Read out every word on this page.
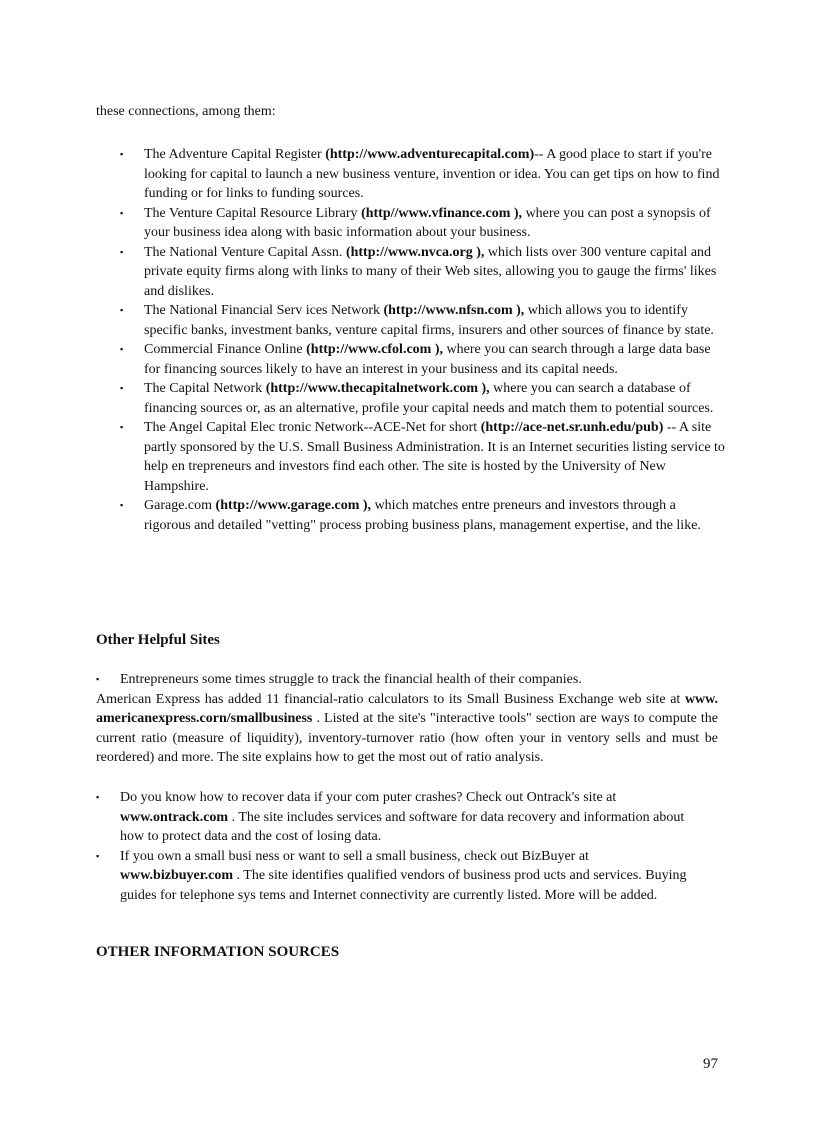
these connections, among them:
▪ The Adventure Capital Register (http://www.adventurecapital.com)-- A good place to start if you're looking for capital to launch a new business venture, invention or idea. You can get tips on how to find funding or for links to funding sources.
▪ The Venture Capital Resource Library (http//www.vfinance.com ), where you can post a synopsis of your business idea along with basic information about your business.
▪ The National Venture Capital Assn. (http://www.nvca.org ), which lists over 300 venture capital and private equity firms along with links to many of their Web sites, allowing you to gauge the firms' likes and dislikes.
▪ The National Financial Serv ices Network (http://www.nfsn.com ), which allows you to identify specific banks, investment banks, venture capital firms, insurers and other sources of finance by state.
▪ Commercial Finance Online (http://www.cfol.com ), where you can search through a large data base for financing sources likely to have an interest in your business and its capital needs.
▪ The Capital Network (http://www.thecapitalnetwork.com ), where you can search a database of financing sources or, as an alternative, profile your capital needs and match them to potential sources.
▪ The Angel Capital Elec tronic Network--ACE-Net for short (http://ace-net.sr.unh.edu/pub) -- A site partly sponsored by the U.S. Small Business Administration. It is an Internet securities listing service to help en trepreneurs and investors find each other. The site is hosted by the University of New Hampshire.
▪ Garage.com (http://www.garage.com ), which matches entre preneurs and investors through a rigorous and detailed "vetting" process probing business plans, management expertise, and the like.
Other Helpful Sites
▪ Entrepreneurs some times struggle to track the financial health of their companies.
American Express has added 11 financial-ratio calculators to its Small Business Exchange web site at www. americanexpress.corn/smallbusiness . Listed at the site's "interactive tools" section are ways to compute the current ratio (measure of liquidity), inventory-turnover ratio (how often your in ventory sells and must be reordered) and more. The site explains how to get the most out of ratio analysis.
▪ Do you know how to recover data if your com puter crashes? Check out Ontrack's site at www.ontrack.com . The site includes services and software for data recovery and information about how to protect data and the cost of losing data.
▪ If you own a small busi ness or want to sell a small business, check out BizBuyer at www.bizbuyer.com . The site identifies qualified vendors of business prod ucts and services. Buying guides for telephone sys tems and Internet connectivity are currently listed. More will be added.
OTHER INFORMATION SOURCES
97
